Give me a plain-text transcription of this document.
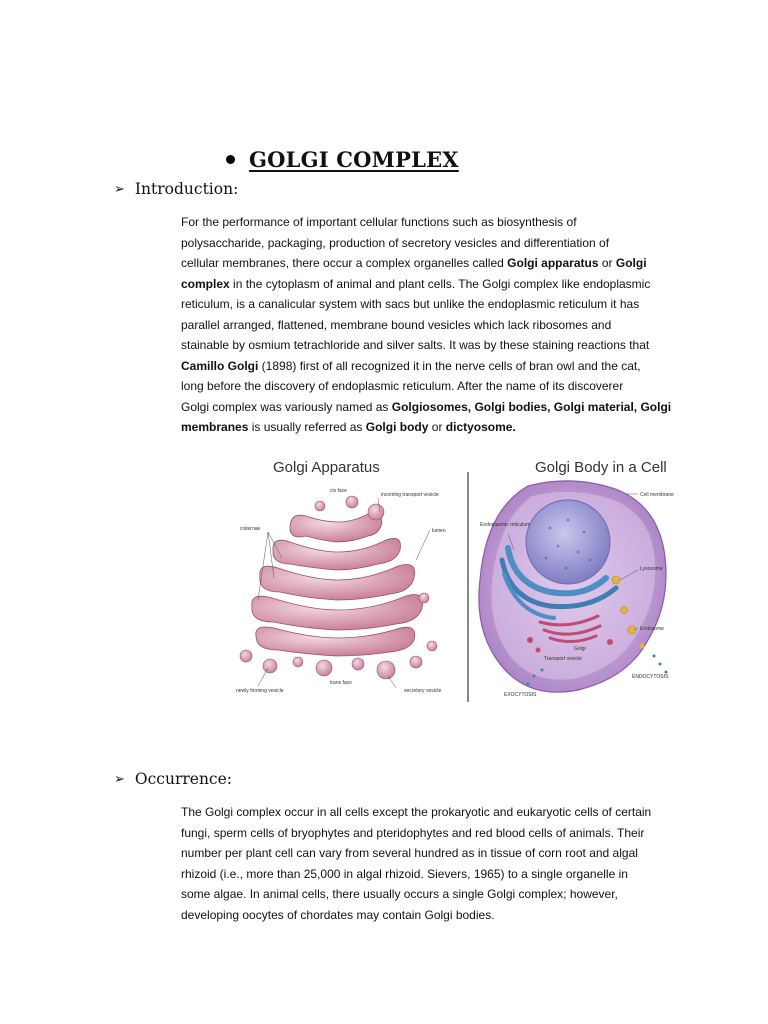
GOLGI COMPLEX
➢ Introduction:
For the performance of important cellular functions such as biosynthesis of
polysaccharide, packaging, production of secretory vesicles and differentiation of
cellular membranes, there occur a complex organelles called Golgi apparatus or Golgi
complex in the cytoplasm of animal and plant cells. The Golgi complex like endoplasmic
reticulum, is a canalicular system with sacs but unlike the endoplasmic reticulum it has
parallel arranged, flattened, membrane bound vesicles which lack ribosomes and
stainable by osmium tetrachloride and silver salts. It was by these staining reactions that
Camillo Golgi (1898) first of all recognized it in the nerve cells of bran owl and the cat,
long before the discovery of endoplasmic reticulum. After the name of its discoverer
Golgi complex was variously named as Golgiosomes, Golgi bodies, Golgi material, Golgi
membranes is usually referred as Golgi body or dictyosome.
Golgi Apparatus	Golgi Body in a Cell
cis face
incoming transport vesicle
cisternae	lumen
trans face
newly forming vesicle	secretory vesicle
Cell membrane
Endoplasmic reticulum
Lysosome
Endosome
Golgi
Transport vesicle
EXOCYTOSIS
ENDOCYTOSIS
➢ Occurrence:
The Golgi complex occur in all cells except the prokaryotic and eukaryotic cells of certain
fungi, sperm cells of bryophytes and pteridophytes and red blood cells of animals. Their
number per plant cell can vary from several hundred as in tissue of corn root and algal
rhizoid (i.e., more than 25,000 in algal rhizoid. Sievers, 1965) to a single organelle in
some algae. In animal cells, there usually occurs a single Golgi complex; however,
developing oocytes of chordates may contain Golgi bodies.
